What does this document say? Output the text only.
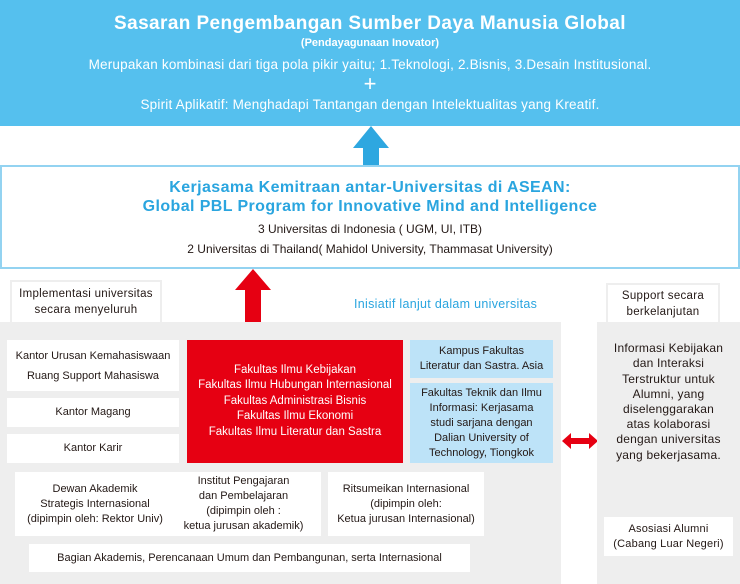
Sasaran Pengembangan Sumber Daya Manusia Global
(Pendayagunaan Inovator)
Merupakan kombinasi dari tiga pola pikir yaitu; 1.Teknologi, 2.Bisnis, 3.Desain Institusional.
+
Spirit Aplikatif: Menghadapi Tantangan dengan Intelektualitas yang Kreatif.
Kerjasama Kemitraan antar-Universitas di ASEAN:
Global PBL Program for Innovative Mind and Intelligence
3 Universitas di Indonesia ( UGM, UI, ITB)
2 Universitas di Thailand( Mahidol University, Thammasat University)
Implementasi universitas
secara menyeluruh	Inisiatif lanjut dalam universitas
Support secara
berkelanjutan
Kantor Urusan Kemahasiswaan
Ruang Support Mahasiswa
Kantor Magang
Kantor Karir
Fakultas Ilmu Kebijakan
Fakultas Ilmu Hubungan Internasional
Fakultas Administrasi Bisnis
Fakultas Ilmu Ekonomi
Fakultas Ilmu Literatur dan Sastra
Kampus Fakultas
Literatur dan Sastra. Asia
Fakultas Teknik dan Ilmu
Informasi: Kerjasama
studi sarjana dengan
Dalian University of
Technology, Tiongkok
Dewan Akademik
Strategis Internasional
(dipimpin oleh: Rektor Univ)
Institut Pengajaran
dan Pembelajaran
(dipimpin oleh :
ketua jurusan akademik)
Ritsumeikan Internasional
(dipimpin oleh:
Ketua jurusan Internasional)
Bagian Akademis, Perencanaan Umum dan Pembangunan, serta Internasional
Informasi Kebijakan
dan Interaksi
Terstruktur untuk
Alumni, yang
diselenggarakan
atas kolaborasi
dengan universitas
yang bekerjasama.
Asosiasi Alumni
(Cabang Luar Negeri)
